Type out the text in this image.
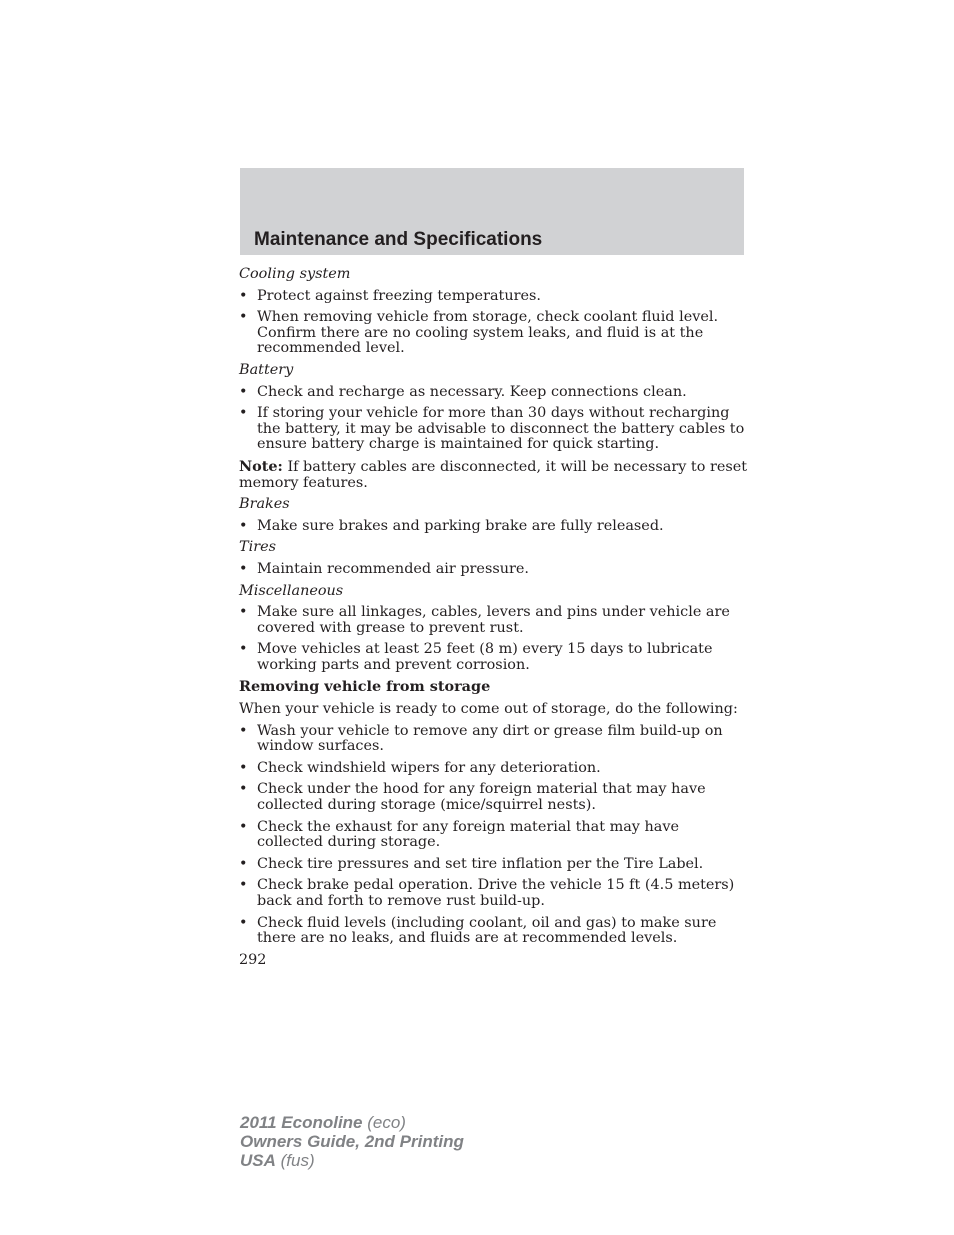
Maintenance and Specifications

Cooling system

• Protect against freezing temperatures.
• When removing vehicle from storage, check coolant fluid level. Confirm there are no cooling system leaks, and fluid is at the recommended level.

Battery

• Check and recharge as necessary. Keep connections clean.
• If storing your vehicle for more than 30 days without recharging the battery, it may be advisable to disconnect the battery cables to ensure battery charge is maintained for quick starting.

Note: If battery cables are disconnected, it will be necessary to reset memory features.

Brakes

• Make sure brakes and parking brake are fully released.

Tires

• Maintain recommended air pressure.

Miscellaneous

• Make sure all linkages, cables, levers and pins under vehicle are covered with grease to prevent rust.
• Move vehicles at least 25 feet (8 m) every 15 days to lubricate working parts and prevent corrosion.

Removing vehicle from storage

When your vehicle is ready to come out of storage, do the following:

• Wash your vehicle to remove any dirt or grease film build-up on window surfaces.
• Check windshield wipers for any deterioration.
• Check under the hood for any foreign material that may have collected during storage (mice/squirrel nests).
• Check the exhaust for any foreign material that may have collected during storage.
• Check tire pressures and set tire inflation per the Tire Label.
• Check brake pedal operation. Drive the vehicle 15 ft (4.5 meters) back and forth to remove rust build-up.
• Check fluid levels (including coolant, oil and gas) to make sure there are no leaks, and fluids are at recommended levels.

292

2011 Econoline (eco)
Owners Guide, 2nd Printing
USA (fus)
